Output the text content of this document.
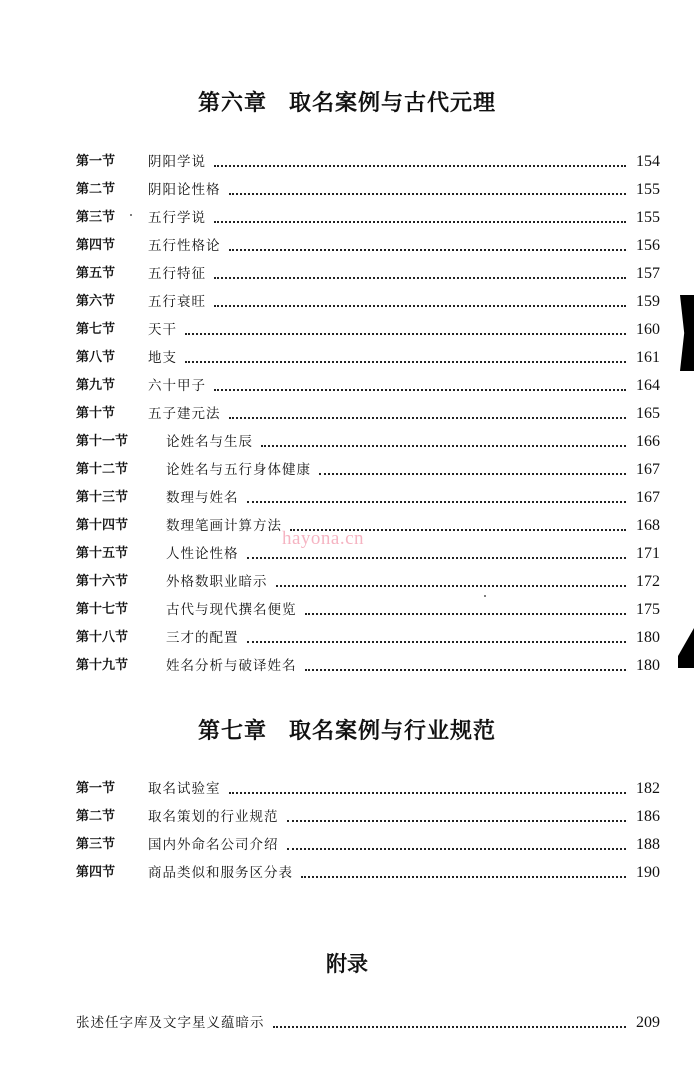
第六章 取名案例与古代元理
第一节	阴阳学说	154
第二节	阴阳论性格	155
第三节	五行学说	155
第四节	五行性格论	156
第五节	五行特征	157
第六节	五行衰旺	159
第七节	天干	160
第八节	地支	161
第九节	六十甲子	164
第十节	五子建元法	165
第十一节	论姓名与生辰	166
第十二节	论姓名与五行身体健康	167
第十三节	数理与姓名	167
第十四节	数理笔画计算方法	168
第十五节	人性论性格	171
第十六节	外格数职业暗示	172
第十七节	古代与现代撰名便览	175
第十八节	三才的配置	180
第十九节	姓名分析与破译姓名	180
第七章 取名案例与行业规范
第一节	取名试验室	182
第二节	取名策划的行业规范	186
第三节	国内外命名公司介绍	188
第四节	商品类似和服务区分表	190
附录
张述任字库及文字星义蕴暗示	209
hayona.cn
